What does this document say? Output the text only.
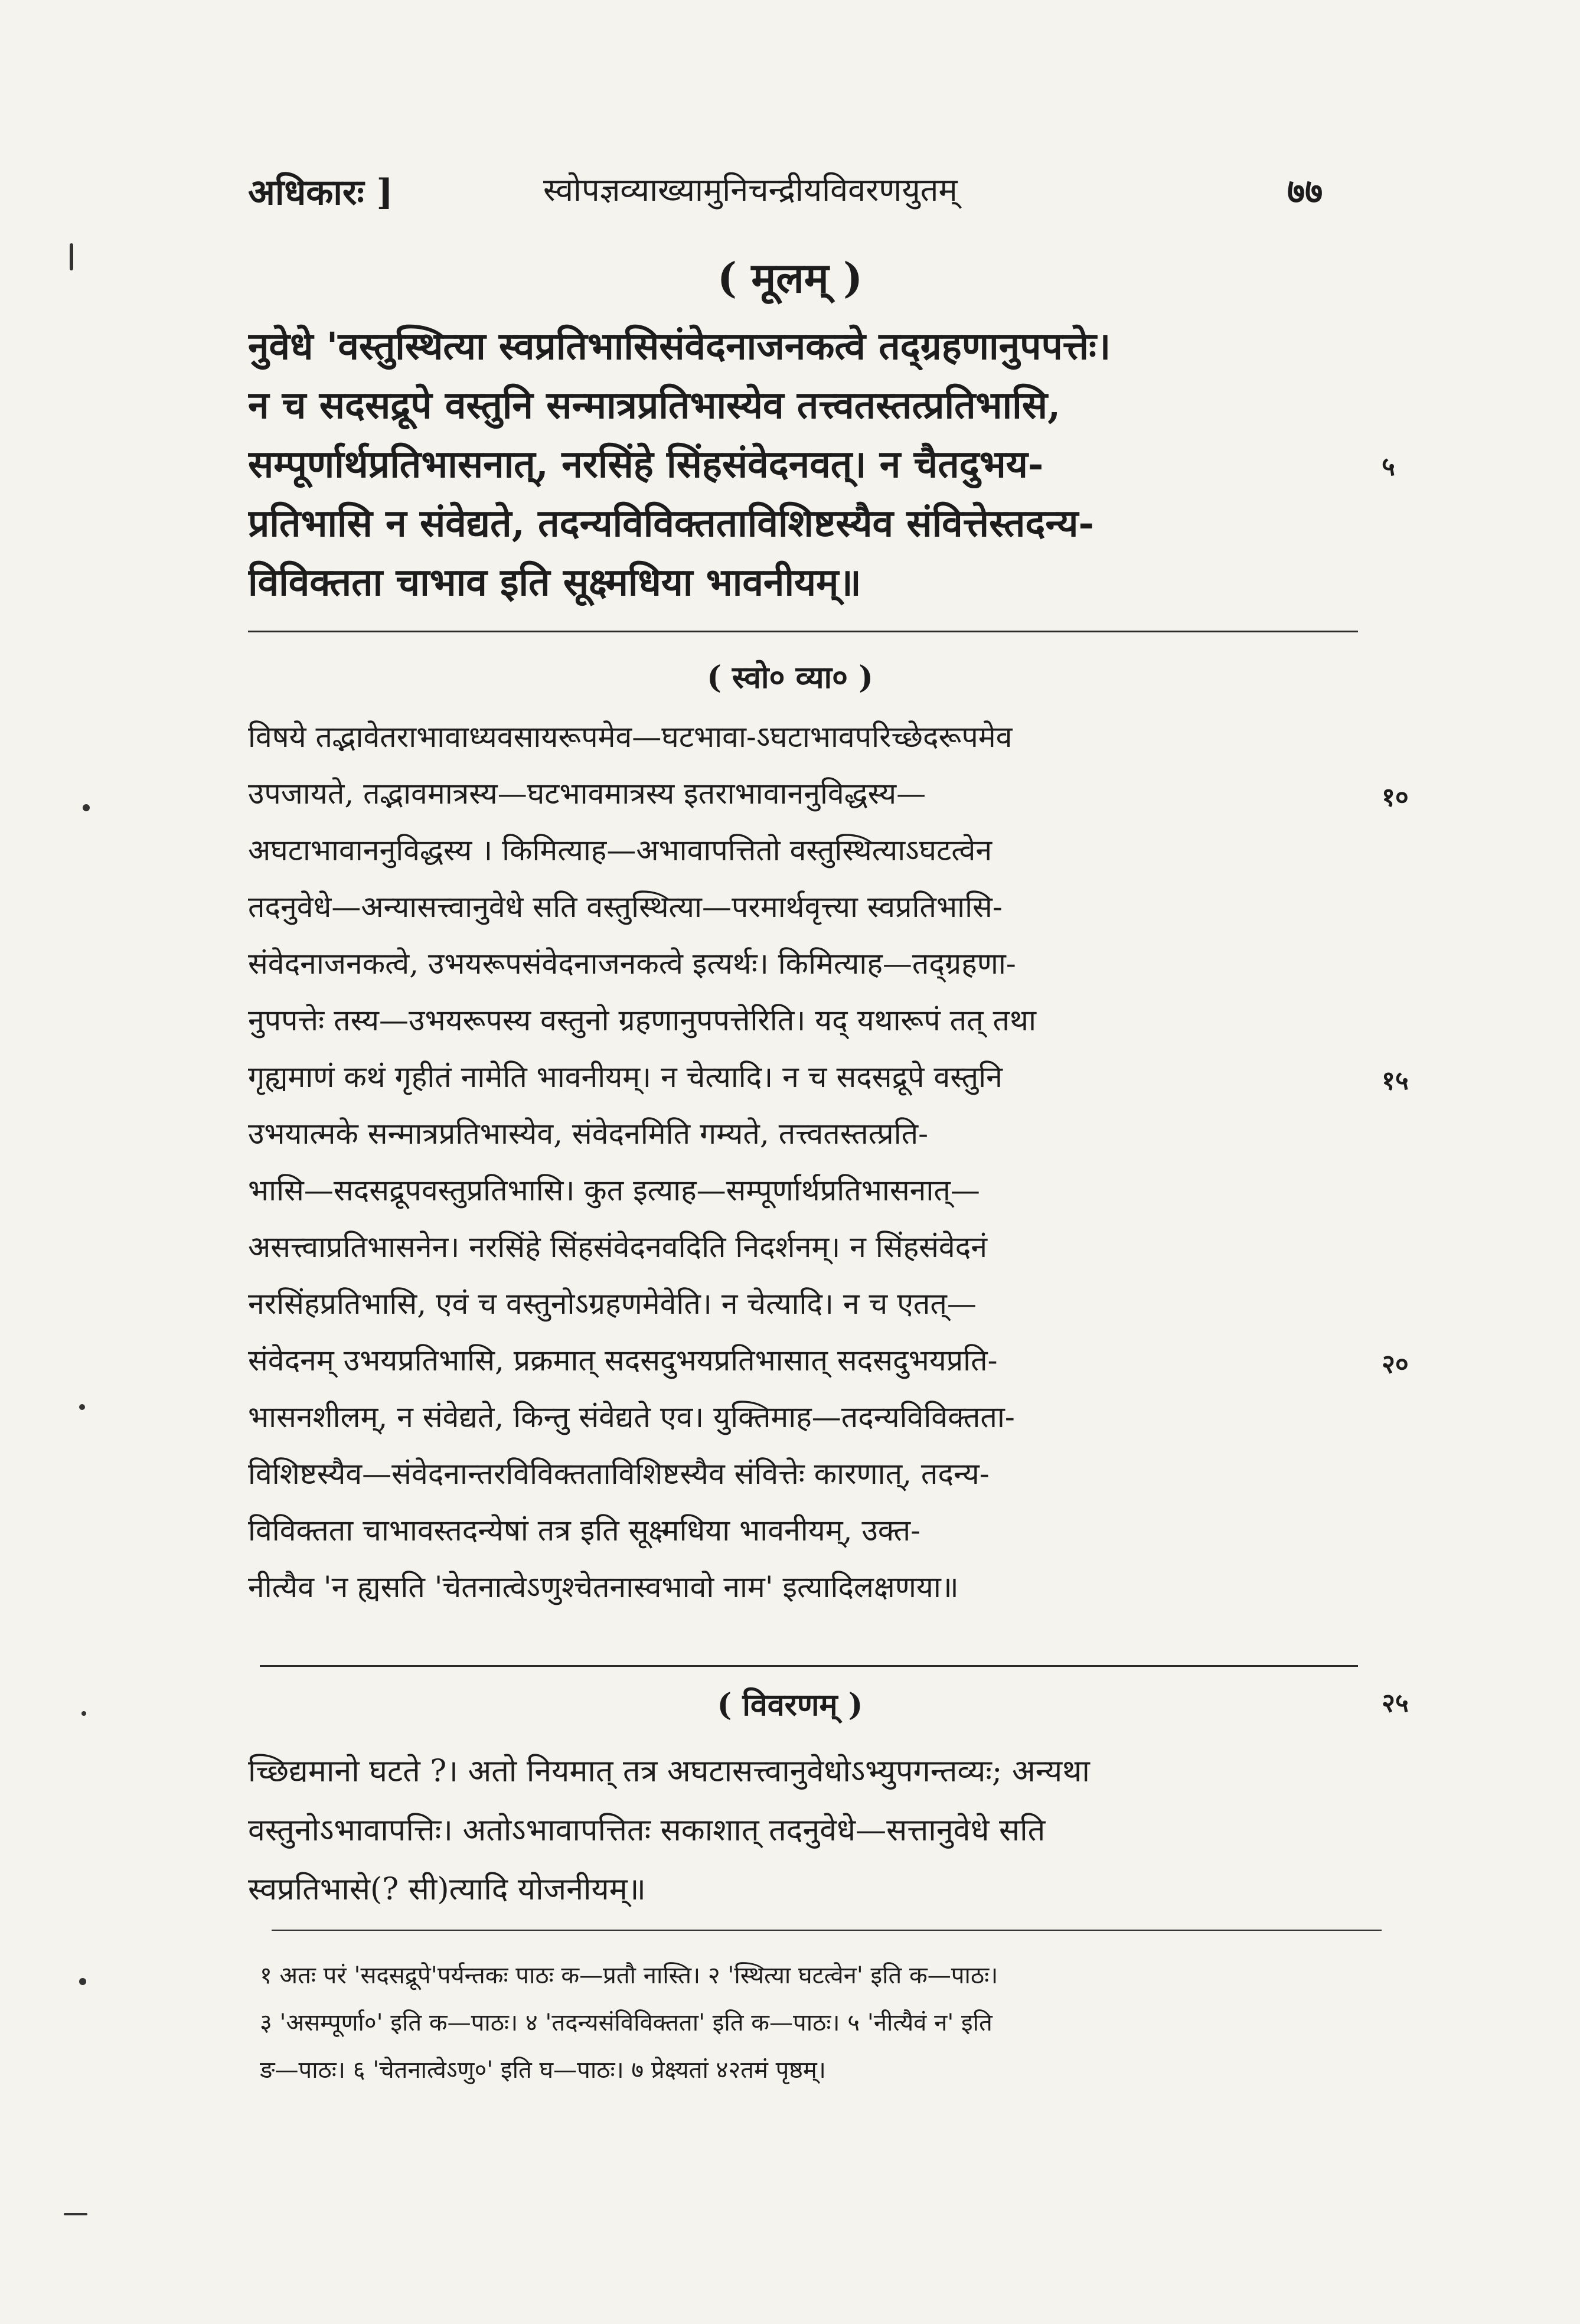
अधिकारः ]	स्वोपज्ञव्याख्यामुनिचन्द्रीयविवरणयुतम्	७७
( मूलम् )
नुवेधे 'वस्तुस्थित्या स्वप्रतिभासिसंवेदनाजनकत्वे तद्ग्रहणानुपपत्तेः।
न च सदसद्रूपे वस्तुनि सन्मात्रप्रतिभास्येव तत्त्वतस्तत्प्रतिभासि,
सम्पूर्णार्थप्रतिभासनात्, नरसिंहे सिंहसंवेदनवत्। न चैतदुभय-
प्रतिभासि न संवेद्यते, तदन्यविविक्तताविशिष्टस्यैव संवित्तेस्तदन्य-
विविक्तता चाभाव इति सूक्ष्मधिया भावनीयम्॥
५
( स्वो० व्या० )
विषये तद्भावेतराभावाध्यवसायरूपमेव—घटभावा-ऽघटाभावपरिच्छेदरूपमेव
उपजायते, तद्भावमात्रस्य—घटभावमात्रस्य इतराभावाननुविद्धस्य—
अघटाभावाननुविद्धस्य । किमित्याह—अभावापत्तितो वस्तुस्थित्याऽघटत्वेन
तदनुवेधे—अन्यासत्त्वानुवेधे सति वस्तुस्थित्या—परमार्थवृत्त्या स्वप्रतिभासि-
संवेदनाजनकत्वे, उभयरूपसंवेदनाजनकत्वे इत्यर्थः। किमित्याह—तद्ग्रहणा-
नुपपत्तेः तस्य—उभयरूपस्य वस्तुनो ग्रहणानुपपत्तेरिति। यद् यथारूपं तत् तथा
गृह्यमाणं कथं गृहीतं नामेति भावनीयम्। न चेत्यादि। न च सदसद्रूपे वस्तुनि
उभयात्मके सन्मात्रप्रतिभास्येव, संवेदनमिति गम्यते, तत्त्वतस्तत्प्रति-
भासि—सदसद्रूपवस्तुप्रतिभासि। कुत इत्याह—सम्पूर्णार्थप्रतिभासनात्—
असत्त्वाप्रतिभासनेन। नरसिंहे सिंहसंवेदनवदिति निदर्शनम्। न सिंहसंवेदनं
नरसिंहप्रतिभासि, एवं च वस्तुनोऽग्रहणमेवेति। न चेत्यादि। न च एतत्—
संवेदनम् उभयप्रतिभासि, प्रक्रमात् सदसदुभयप्रतिभासात् सदसदुभयप्रति-
भासनशीलम्, न संवेद्यते, किन्तु संवेद्यते एव। युक्तिमाह—तदन्यविविक्तता-
विशिष्टस्यैव—संवेदनान्तरविविक्तताविशिष्टस्यैव संवित्तेः कारणात्, तदन्य-
विविक्तता चाभावस्तदन्येषां तत्र इति सूक्ष्मधिया भावनीयम्, उक्त-
नीत्यैव 'न ह्यसति 'चेतनात्वेऽणुश्चेतनास्वभावो नाम' इत्यादिलक्षणया॥
१०
१५
२०
( विवरणम् )	२५
च्छिद्यमानो घटते ?। अतो नियमात् तत्र अघटासत्त्वानुवेधोऽभ्युपगन्तव्यः; अन्यथा
वस्तुनोऽभावापत्तिः। अतोऽभावापत्तितः सकाशात् तदनुवेधे—सत्तानुवेधे सति
स्वप्रतिभासे(? सी)त्यादि योजनीयम्॥
१ अतः परं 'सदसद्रूपे'पर्यन्तकः पाठः क—प्रतौ नास्ति। २ 'स्थित्या घटत्वेन' इति क—पाठः।
३ 'असम्पूर्णा०' इति क—पाठः। ४ 'तदन्यसंविविक्तता' इति क—पाठः। ५ 'नीत्यैवं न' इति
ङ—पाठः। ६ 'चेतनात्वेऽणु०' इति घ—पाठः। ७ प्रेक्ष्यतां ४२तमं पृष्ठम्।
